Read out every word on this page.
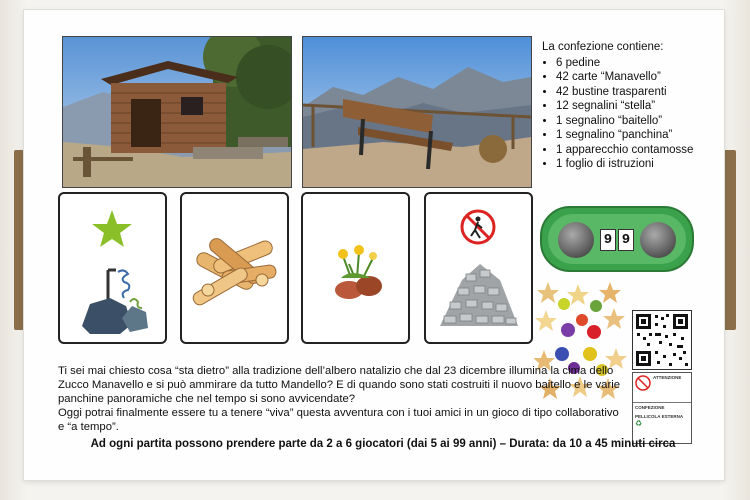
La confezione contiene:
• 6 pedine
• 42 carte “Manavello”
• 42 bustine trasparenti
• 12 segnalini “stella”
• 1 segnalino “baitello”
• 1 segnalino “panchina”
• 1 apparecchio contamosse
• 1 foglio di istruzioni
9 9
ATTENZIONE
CONFEZIONE
PELLICOLA ESTERNA
♻

Ti sei mai chiesto cosa “sta dietro” alla tradizione dell’albero natalizio che dal 23 dicembre illumina la cima dello Zucco Manavello e si può ammirare da tutto Mandello? E di quando sono stati costruiti il nuovo baitello e le varie panchine panoramiche che nel tempo si sono avvicendate?

Oggi potrai finalmente essere tu a tenere “viva” questa avventura con i tuoi amici in un gioco di tipo collaborativo e “a tempo”.

Ad ogni partita possono prendere parte da 2 a 6 giocatori (dai 5 ai 99 anni) – Durata: da 10 a 45 minuti circa
